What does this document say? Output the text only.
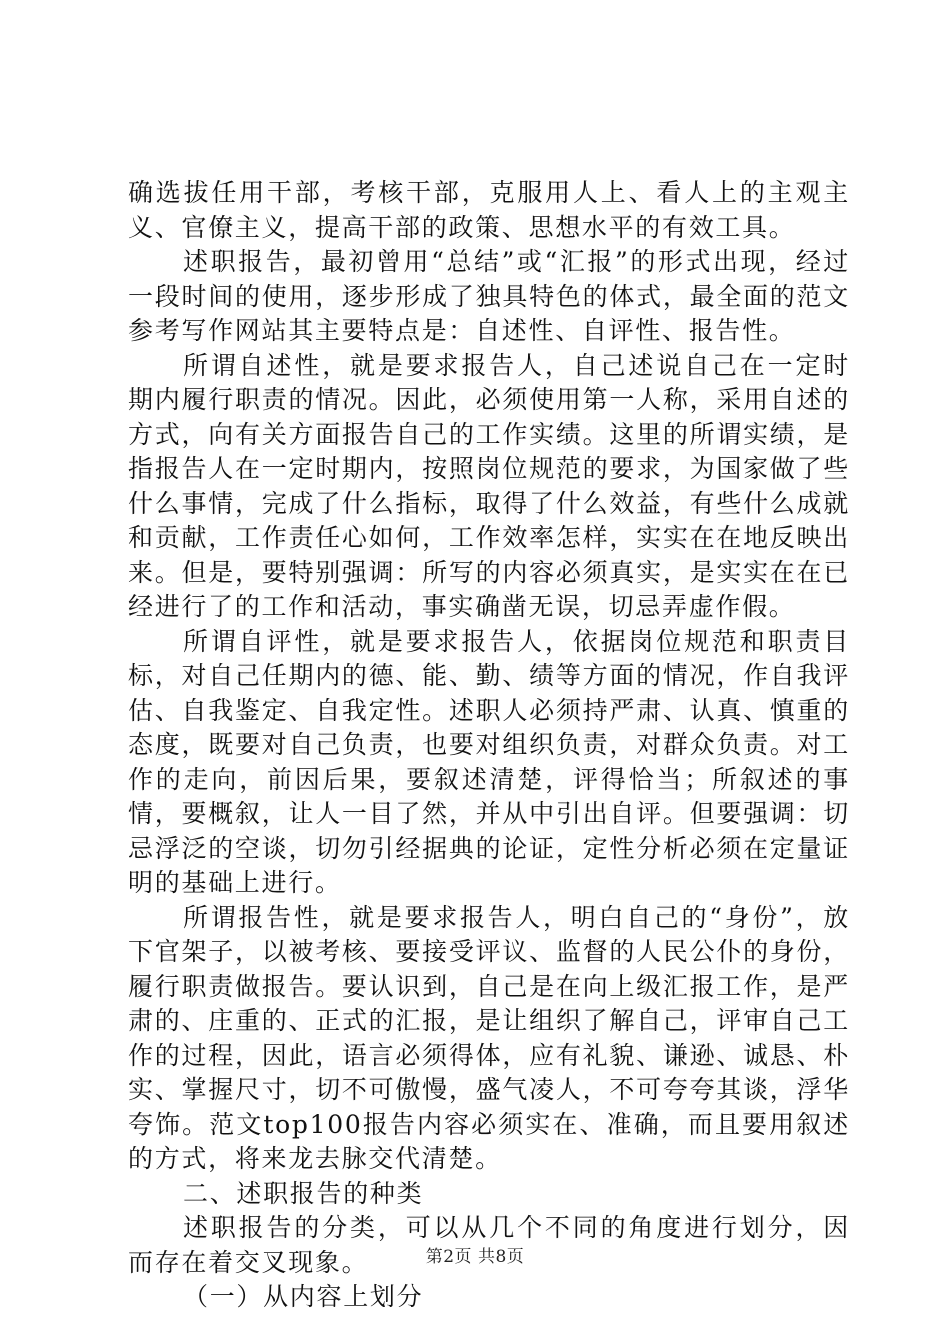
确选拔任用干部，考核干部，克服用人上、看人上的主观主义、官僚主义，提高干部的政策、思想水平的有效工具。

述职报告，最初曾用“总结”或“汇报”的形式出现，经过一段时间的使用，逐步形成了独具特色的体式，最全面的范文参考写作网站其主要特点是：自述性、自评性、报告性。

所谓自述性，就是要求报告人，自己述说自己在一定时期内履行职责的情况。因此，必须使用第一人称，采用自述的方式，向有关方面报告自己的工作实绩。这里的所谓实绩，是指报告人在一定时期内，按照岗位规范的要求，为国家做了些什么事情，完成了什么指标，取得了什么效益，有些什么成就和贡献，工作责任心如何，工作效率怎样，实实在在地反映出来。但是，要特别强调：所写的内容必须真实，是实实在在已经进行了的工作和活动，事实确凿无误，切忌弄虚作假。

所谓自评性，就是要求报告人，依据岗位规范和职责目标，对自己任期内的德、能、勤、绩等方面的情况，作自我评估、自我鉴定、自我定性。述职人必须持严肃、认真、慎重的态度，既要对自己负责，也要对组织负责，对群众负责。对工作的走向，前因后果，要叙述清楚，评得恰当；所叙述的事情，要概叙，让人一目了然，并从中引出自评。但要强调：切忌浮泛的空谈，切勿引经据典的论证，定性分析必须在定量证明的基础上进行。

所谓报告性，就是要求报告人，明白自己的“身份”，放下官架子，以被考核、要接受评议、监督的人民公仆的身份，履行职责做报告。要认识到，自己是在向上级汇报工作，是严肃的、庄重的、正式的汇报，是让组织了解自己，评审自己工作的过程，因此，语言必须得体，应有礼貌、谦逊、诚恳、朴实、掌握尺寸，切不可傲慢，盛气凌人，不可夸夸其谈，浮华夸饰。范文top100报告内容必须实在、准确，而且要用叙述的方式，将来龙去脉交代清楚。

二、述职报告的种类

述职报告的分类，可以从几个不同的角度进行划分，因而存在着交叉现象。

（一）从内容上划分

第2页 共8页
